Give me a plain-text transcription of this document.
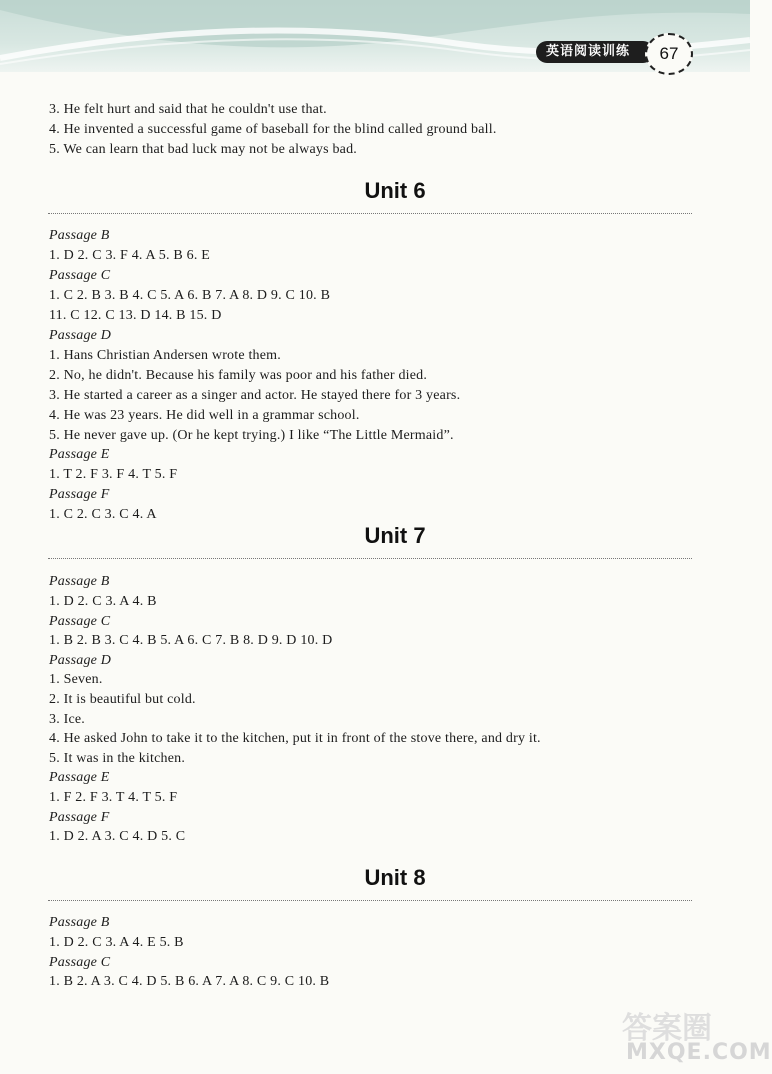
英语阅读训练	67
3. He felt hurt and said that he couldn't use that.
4. He invented a successful game of baseball for the blind called ground ball.
5. We can learn that bad luck may not be always bad.
Unit 6
Passage B
1. D 2. C 3. F 4. A 5. B 6. E
Passage C
1. C 2. B 3. B 4. C 5. A 6. B 7. A 8. D 9. C 10. B
11. C 12. C 13. D 14. B 15. D
Passage D
1. Hans Christian Andersen wrote them.
2. No, he didn't. Because his family was poor and his father died.
3. He started a career as a singer and actor. He stayed there for 3 years.
4. He was 23 years. He did well in a grammar school.
5. He never gave up. (Or he kept trying.) I like “The Little Mermaid”.
Passage E
1. T 2. F 3. F 4. T 5. F
Passage F
1. C 2. C 3. C 4. A
Unit 7
Passage B
1. D 2. C 3. A 4. B
Passage C
1. B 2. B 3. C 4. B 5. A 6. C 7. B 8. D 9. D 10. D
Passage D
1. Seven.
2. It is beautiful but cold.
3. Ice.
4. He asked John to take it to the kitchen, put it in front of the stove there, and dry it.
5. It was in the kitchen.
Passage E
1. F 2. F 3. T 4. T 5. F
Passage F
1. D 2. A 3. C 4. D 5. C
Unit 8
Passage B
1. D 2. C 3. A 4. E 5. B
Passage C
1. B 2. A 3. C 4. D 5. B 6. A 7. A 8. C 9. C 10. B
答案圈
MXQE.COM
